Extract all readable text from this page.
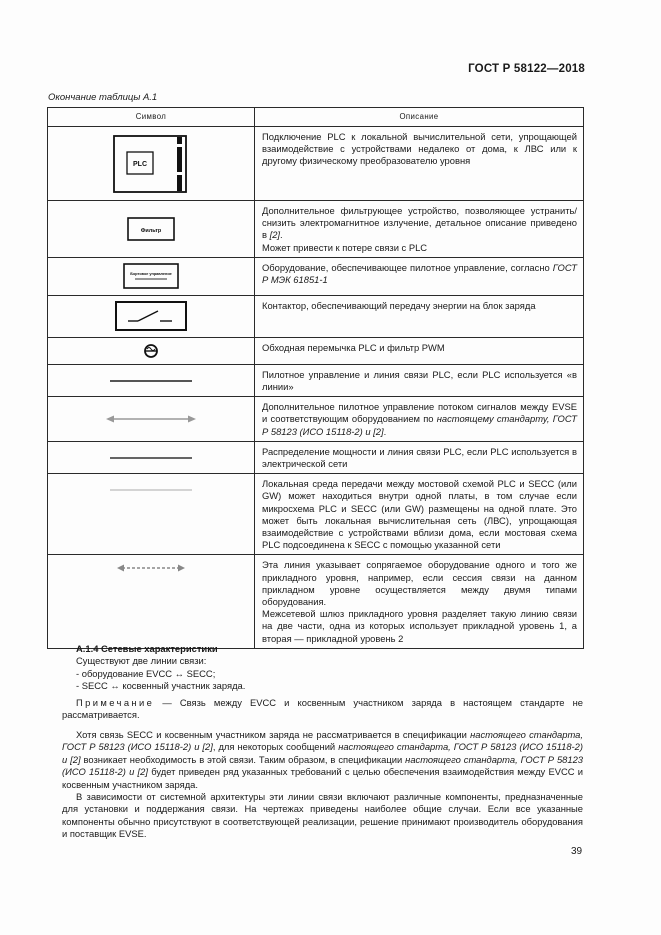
ГОСТ Р 58122—2018
Окончание таблицы А.1
Символ	Описание

PLC	Подключение PLC к локальной вычислительной сети, упрощающей взаимодействие с устройствами недалеко от дома, к ЛВС или к другому физическому преобразователю уровня

Фильтр	Дополнительное фильтрующее устройство, позволяющее устранить/снизить электромагнитное излучение, детальное описание приведено в [2].
Может привести к потере связи с PLC

Бортовое управление	Оборудование, обеспечивающее пилотное управление, согласно ГОСТ Р МЭК 61851-1
	Контактор, обеспечивающий передачу энергии на блок заряда
	Обходная перемычка PLC и фильтр PWM
	Пилотное управление и линия связи PLC, если PLC используется «в линии»
	Дополнительное пилотное управление потоком сигналов между EVSE и соответствующим оборудованием по настоящему стандарту, ГОСТ Р 58123 (ИСО 15118-2) и [2].
	Распределение мощности и линия связи PLC, если PLC используется в электрической сети
	Локальная среда передачи между мостовой схемой PLC и SECC (или GW) может находиться внутри одной платы, в том случае если микросхема PLC и SECC (или GW) размещены на одной плате. Это может быть локальная вычислительная сеть (ЛВС), упрощающая взаимодействие с устройствами вблизи дома, если мостовая схема PLC подсоединена к SECC с помощью указанной сети
	Эта линия указывает сопрягаемое оборудование одного и того же прикладного уровня, например, если сессия связи на данном прикладном уровне осуществляется между двумя типами оборудования.
Межсетевой шлюз прикладного уровня разделяет такую линию связи на две части, одна из которых использует прикладной уровень 1, а вторая — прикладной уровень 2

А.1.4 Сетевые характеристики

Существуют две линии связи:

- оборудование EVCC ↔ SECC;

- SECC ↔ косвенный участник заряда.

Примечание — Связь между EVCC и косвенным участником заряда в настоящем стандарте не рассматривается.

Хотя связь SECC и косвенным участником заряда не рассматривается в спецификации настоящего стандарта, ГОСТ Р 58123 (ИСО 15118-2) и [2], для некоторых сообщений настоящего стандарта, ГОСТ Р 58123 (ИСО 15118-2) и [2] возникает необходимость в этой связи. Таким образом, в спецификации настоящего стандарта, ГОСТ Р 58123 (ИСО 15118-2) и [2] будет приведен ряд указанных требований с целью обеспечения взаимодействия между EVCC и косвенным участником заряда.

В зависимости от системной архитектуры эти линии связи включают различные компоненты, предназначенные для установки и поддержания связи. На чертежах приведены наиболее общие случаи. Если все указанные компоненты обычно присутствуют в соответствующей реализации, решение принимают производитель оборудования и поставщик EVSE.

39
